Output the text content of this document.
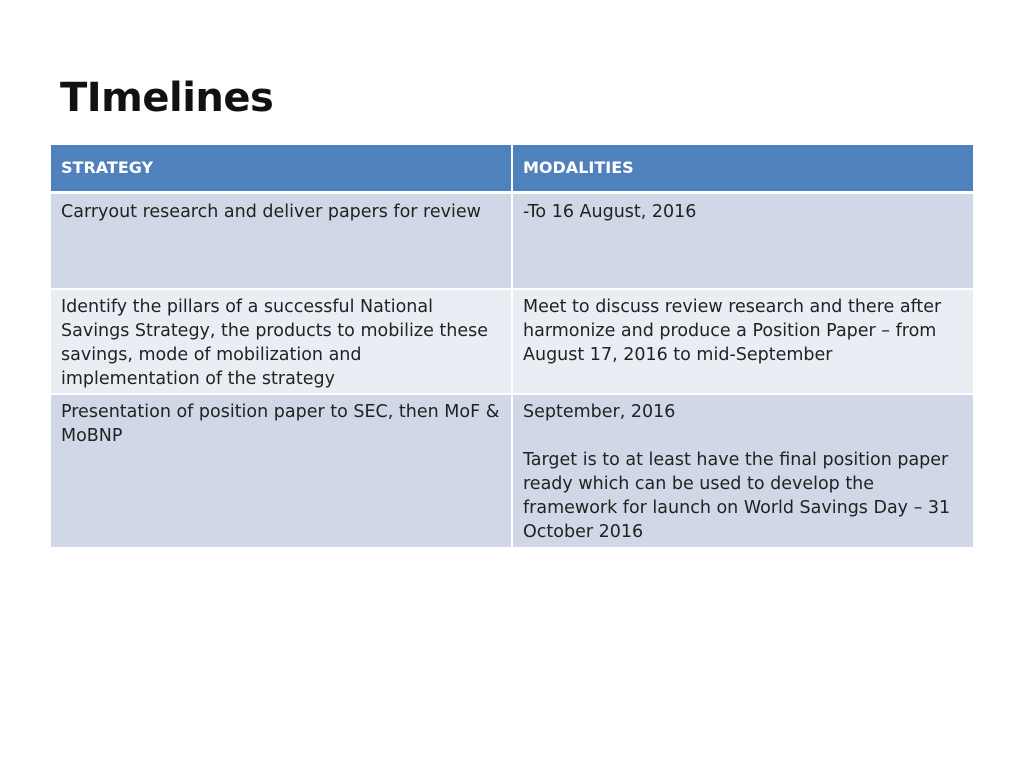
TImelines
STRATEGY	MODALITIES
Carryout research and deliver papers for review	-To 16 August, 2016

Identify the pillars of a successful National Savings Strategy, the products to mobilize these savings, mode of mobilization and implementation of the strategy	Meet to discuss review research and there after harmonize and produce a Position Paper – from August 17, 2016 to mid-September

Presentation of position paper to SEC, then MoF & MoBNP	September, 2016
Target is to at least have the final position paper ready which can be used to develop the framework for launch on World Savings Day – 31 October 2016
